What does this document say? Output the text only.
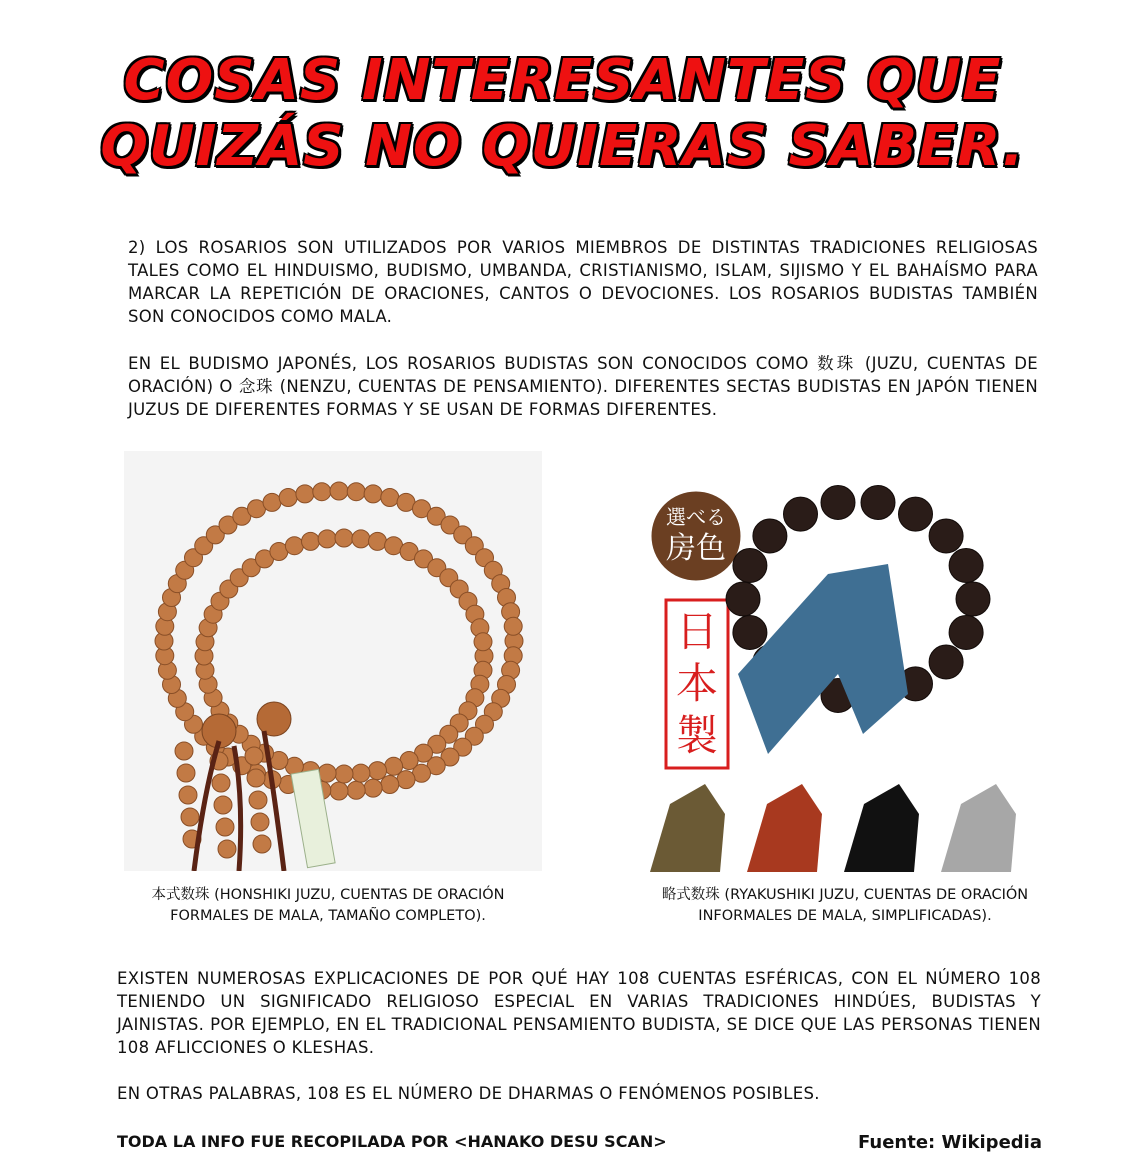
COSAS INTERESANTES QUE
QUIZÁS NO QUIERAS SABER.

2) LOS ROSARIOS SON UTILIZADOS POR VARIOS MIEMBROS DE DISTINTAS TRADICIONES RELIGIOSAS TALES COMO EL HINDUISMO, BUDISMO, UMBANDA, CRISTIANISMO, ISLAM, SIJISMO Y EL BAHAÍSMO PARA MARCAR LA REPETICIÓN DE ORACIONES, CANTOS O DEVOCIONES. LOS ROSARIOS BUDISTAS TAMBIÉN SON CONOCIDOS COMO MALA.

EN EL BUDISMO JAPONÉS, LOS ROSARIOS BUDISTAS SON CONOCIDOS COMO 数珠 (JUZU, CUENTAS DE ORACIÓN) O 念珠 (NENZU, CUENTAS DE PENSAMIENTO). DIFERENTES SECTAS BUDISTAS EN JAPÓN TIENEN JUZUS DE DIFERENTES FORMAS Y SE USAN DE FORMAS DIFERENTES.

選べる
房色
日
本
製

本式数珠 (HONSHIKI JUZU, CUENTAS DE ORACIÓN FORMALES DE MALA, TAMAÑO COMPLETO).

略式数珠 (RYAKUSHIKI JUZU, CUENTAS DE ORACIÓN INFORMALES DE MALA, SIMPLIFICADAS).

EXISTEN NUMEROSAS EXPLICACIONES DE POR QUÉ HAY 108 CUENTAS ESFÉRICAS, CON EL NÚMERO 108 TENIENDO UN SIGNIFICADO RELIGIOSO ESPECIAL EN VARIAS TRADICIONES HINDÚES, BUDISTAS Y JAINISTAS. POR EJEMPLO, EN EL TRADICIONAL PENSAMIENTO BUDISTA, SE DICE QUE LAS PERSONAS TIENEN 108 AFLICCIONES O KLESHAS.

EN OTRAS PALABRAS, 108 ES EL NÚMERO DE DHARMAS O FENÓMENOS POSIBLES.

TODA LA INFO FUE RECOPILADA POR <HANAKO DESU SCAN>	Fuente: Wikipedia
